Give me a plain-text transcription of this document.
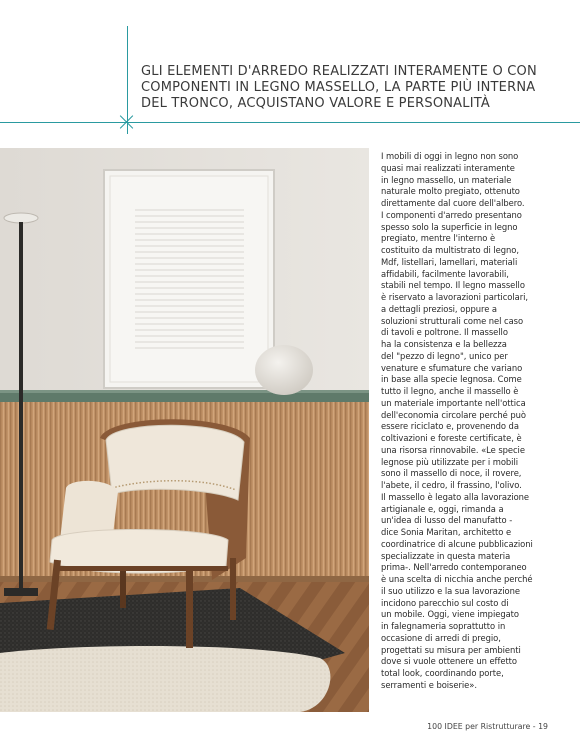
GLI ELEMENTI D'ARREDO REALIZZATI INTERAMENTE O CON COMPONENTI IN LEGNO MASSELLO, LA PARTE PIÙ INTERNA DEL TRONCO, ACQUISTANO VALORE E PERSONALITÀ

I mobili di oggi in legno non sono
quasi mai realizzati interamente
in legno massello, un materiale
naturale molto pregiato, ottenuto
direttamente dal cuore dell'albero.
I componenti d'arredo presentano
spesso solo la superficie in legno
pregiato, mentre l'interno è
costituito da multistrato di legno,
Mdf, listellari, lamellari, materiali
affidabili, facilmente lavorabili,
stabili nel tempo. Il legno massello
è riservato a lavorazioni particolari,
a dettagli preziosi, oppure a
soluzioni strutturali come nel caso
di tavoli e poltrone. Il massello
ha la consistenza e la bellezza
del "pezzo di legno", unico per
venature e sfumature che variano
in base alla specie legnosa. Come
tutto il legno, anche il massello è
un materiale importante nell'ottica
dell'economia circolare perché può
essere riciclato e, provenendo da
coltivazioni e foreste certificate, è
una risorsa rinnovabile. «Le specie
legnose più utilizzate per i mobili
sono il massello di noce, il rovere,
l'abete, il cedro, il frassino, l'olivo.
Il massello è legato alla lavorazione
artigianale e, oggi, rimanda a
un'idea di lusso del manufatto -
dice Sonia Maritan, architetto e
coordinatrice di alcune pubblicazioni
specializzate in questa materia
prima-. Nell'arredo contemporaneo
è una scelta di nicchia anche perché
il suo utilizzo e la sua lavorazione
incidono parecchio sul costo di
un mobile. Oggi, viene impiegato
in falegnameria soprattutto in
occasione di arredi di pregio,
progettati su misura per ambienti
dove si vuole ottenere un effetto
total look, coordinando porte,
serramenti e boiserie».

100 IDEE per Ristrutturare - 19
